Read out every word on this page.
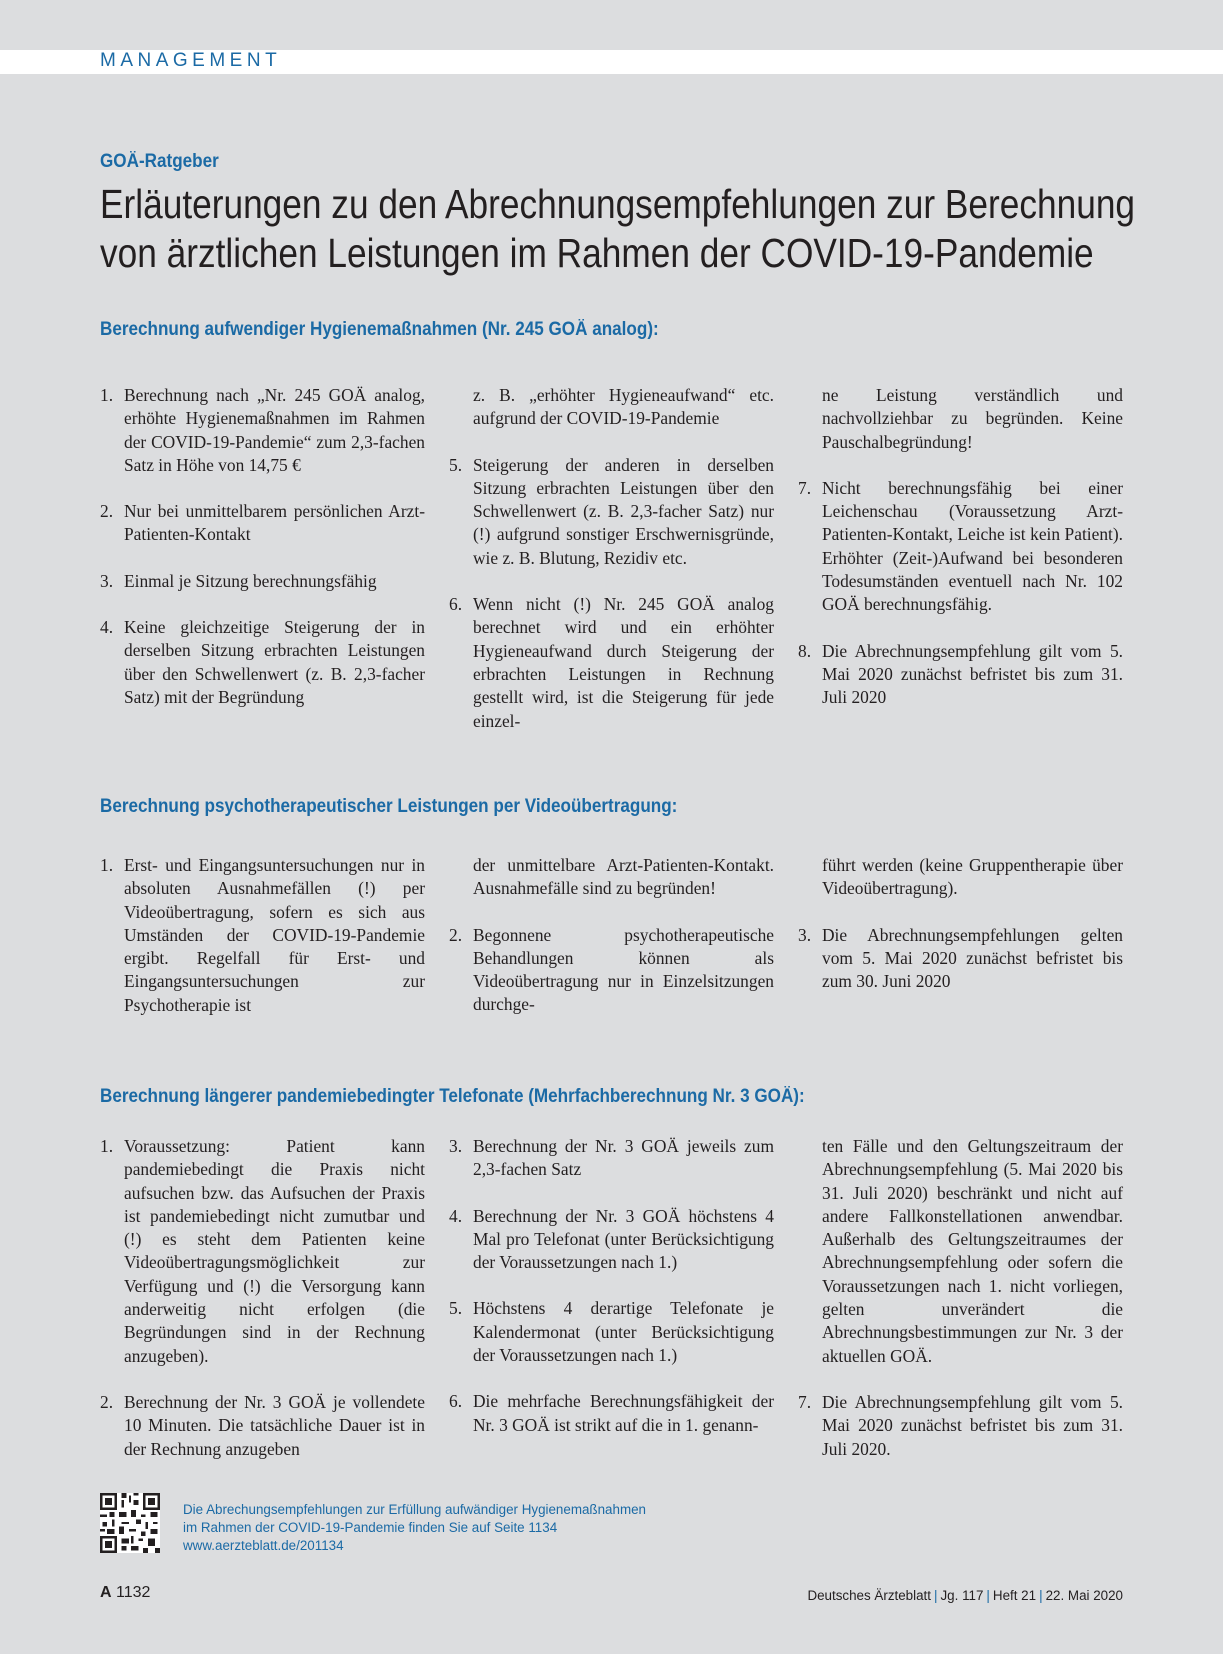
MANAGEMENT
GOÄ-Ratgeber
Erläuterungen zu den Abrechnungsempfehlungen zur Berechnung
von ärztlichen Leistungen im Rahmen der COVID-19-Pandemie
Berechnung aufwendiger Hygienemaßnahmen (Nr. 245 GOÄ analog):
1. Berechnung nach „Nr. 245 GOÄ analog, erhöhte Hygienemaßnahmen im Rahmen der COVID-19-Pandemie“ zum 2,3-fachen Satz in Höhe von 14,75 €
2. Nur bei unmittelbarem persönlichen Arzt-Patienten-Kontakt
3. Einmal je Sitzung berechnungsfähig
4. Keine gleichzeitige Steigerung der in derselben Sitzung erbrachten Leistungen über den Schwellenwert (z. B. 2,3-facher Satz) mit der Begründung
z. B. „erhöhter Hygieneaufwand“ etc. aufgrund der COVID-19-Pandemie
5. Steigerung der anderen in derselben Sitzung erbrachten Leistungen über den Schwellenwert (z. B. 2,3-facher Satz) nur (!) aufgrund sonstiger Erschwernisgründe, wie z. B. Blutung, Rezidiv etc.
6. Wenn nicht (!) Nr. 245 GOÄ analog berechnet wird und ein erhöhter Hygieneaufwand durch Steigerung der erbrachten Leistungen in Rechnung gestellt wird, ist die Steigerung für jede einzel-
ne Leistung verständlich und nachvollziehbar zu begründen. Keine Pauschalbegründung!
7. Nicht berechnungsfähig bei einer Leichenschau (Voraussetzung Arzt-Patienten-Kontakt, Leiche ist kein Patient). Erhöhter (Zeit-)Aufwand bei besonderen Todesumständen eventuell nach Nr. 102 GOÄ berechnungsfähig.
8. Die Abrechnungsempfehlung gilt vom 5. Mai 2020 zunächst befristet bis zum 31. Juli 2020
Berechnung psychotherapeutischer Leistungen per Videoübertragung:
1. Erst- und Eingangsuntersuchungen nur in absoluten Ausnahmefällen (!) per Videoübertragung, sofern es sich aus Umständen der COVID-19-Pandemie ergibt. Regelfall für Erst- und Eingangsuntersuchungen zur Psychotherapie ist
der unmittelbare Arzt-Patienten-Kontakt. Ausnahmefälle sind zu begründen!
2. Begonnene psychotherapeutische Behandlungen können als Videoübertragung nur in Einzelsitzungen durchge-
führt werden (keine Gruppentherapie über Videoübertragung).
3. Die Abrechnungsempfehlungen gelten vom 5. Mai 2020 zunächst befristet bis zum 30. Juni 2020
Berechnung längerer pandemiebedingter Telefonate (Mehrfachberechnung Nr. 3 GOÄ):
1. Voraussetzung: Patient kann pandemiebedingt die Praxis nicht aufsuchen bzw. das Aufsuchen der Praxis ist pandemiebedingt nicht zumutbar und (!) es steht dem Patienten keine Videoübertragungsmöglichkeit zur Verfügung und (!) die Versorgung kann anderweitig nicht erfolgen (die Begründungen sind in der Rechnung anzugeben).
2. Berechnung der Nr. 3 GOÄ je vollendete 10 Minuten. Die tatsächliche Dauer ist in der Rechnung anzugeben
3. Berechnung der Nr. 3 GOÄ jeweils zum 2,3-fachen Satz
4. Berechnung der Nr. 3 GOÄ höchstens 4 Mal pro Telefonat (unter Berücksichtigung der Voraussetzungen nach 1.)
5. Höchstens 4 derartige Telefonate je Kalendermonat (unter Berücksichtigung der Voraussetzungen nach 1.)
6. Die mehrfache Berechnungsfähigkeit der Nr. 3 GOÄ ist strikt auf die in 1. genann-
ten Fälle und den Geltungszeitraum der Abrechnungsempfehlung (5. Mai 2020 bis 31. Juli 2020) beschränkt und nicht auf andere Fallkonstellationen anwendbar. Außerhalb des Geltungszeitraumes der Abrechnungsempfehlung oder sofern die Voraussetzungen nach 1. nicht vorliegen, gelten unverändert die Abrechnungsbestimmungen zur Nr. 3 der aktuellen GOÄ.
7. Die Abrechnungsempfehlung gilt vom 5. Mai 2020 zunächst befristet bis zum 31. Juli 2020.
Die Abrechungsempfehlungen zur Erfüllung aufwändiger Hygienemaßnahmen
im Rahmen der COVID-19-Pandemie finden Sie auf Seite 1134
www.aerzteblatt.de/201134
A 1132	Deutsches Ärzteblatt | Jg. 117 | Heft 21 | 22. Mai 2020
